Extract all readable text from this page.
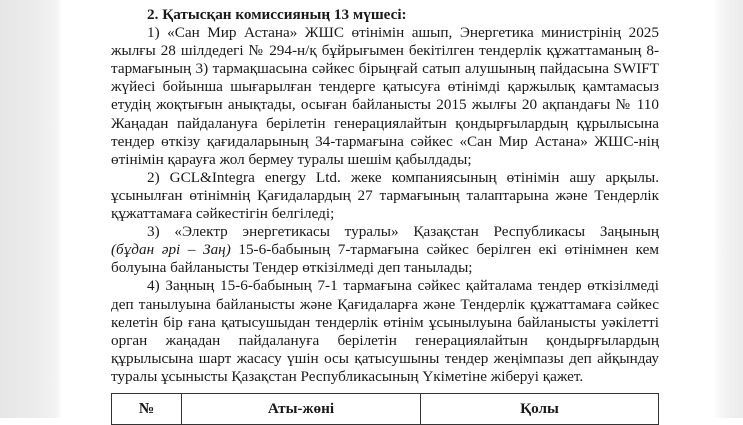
2. Қатысқан комиссияның 13 мүшесі:
1) «Сан Мир Астана» ЖШС өтінімін ашып, Энергетика министрінің 2025
жылғы 28 шілдедегі № 294-н/қ бұйрығымен бекітілген тендерлік құжаттаманың 8-
тармағының 3) тармақшасына сәйкес бірыңғай сатып алушының пайдасына SWIFT
жүйесі бойынша шығарылған тендерге қатысуға өтінімді қаржылық қамтамасыз
етудің жоқтығын анықтады, осыған байланысты 2015 жылғы 20 ақпандағы № 110
Жаңадан пайдалануға берілетін генерациялайтын қондырғылардың құрылысына
тендер өткізу қағидаларының 34-тармағына сәйкес «Сан Мир Астана» ЖШС-нің
өтінімін қарауға жол бермеу туралы шешім қабылдады;
2) GCL&Integra energy Ltd. жеке компаниясының өтінімін ашу арқылы.
ұсынылған өтінімнің Қағидалардың 27 тармағының талаптарына және Тендерлік
құжаттамаға сәйкестігін белгіледі;
3) «Электр энергетикасы туралы» Қазақстан Республикасы Заңының
(бұдан әрі – Заң) 15-6-бабының 7-тармағына сәйкес берілген екі өтінімнен кем
болуына байланысты Тендер өткізілмеді деп танылады;
4) Заңның 15-6-бабының 7-1 тармағына сәйкес қайталама тендер өткізілмеді
деп танылуына байланысты және Қағидаларға және Тендерлік құжаттамаға сәйкес
келетін бір ғана қатысушыдан тендерлік өтінім ұсынылуына байланысты уәкілетті
орган жаңадан пайдалануға берілетін генерациялайтын қондырғылардың
құрылысына шарт жасасу үшін осы қатысушыны тендер жеңімпазы деп айқындау
туралы ұсынысты Қазақстан Республикасының Үкіметіне жіберуі қажет.
№	Аты-жөні	Қолы
